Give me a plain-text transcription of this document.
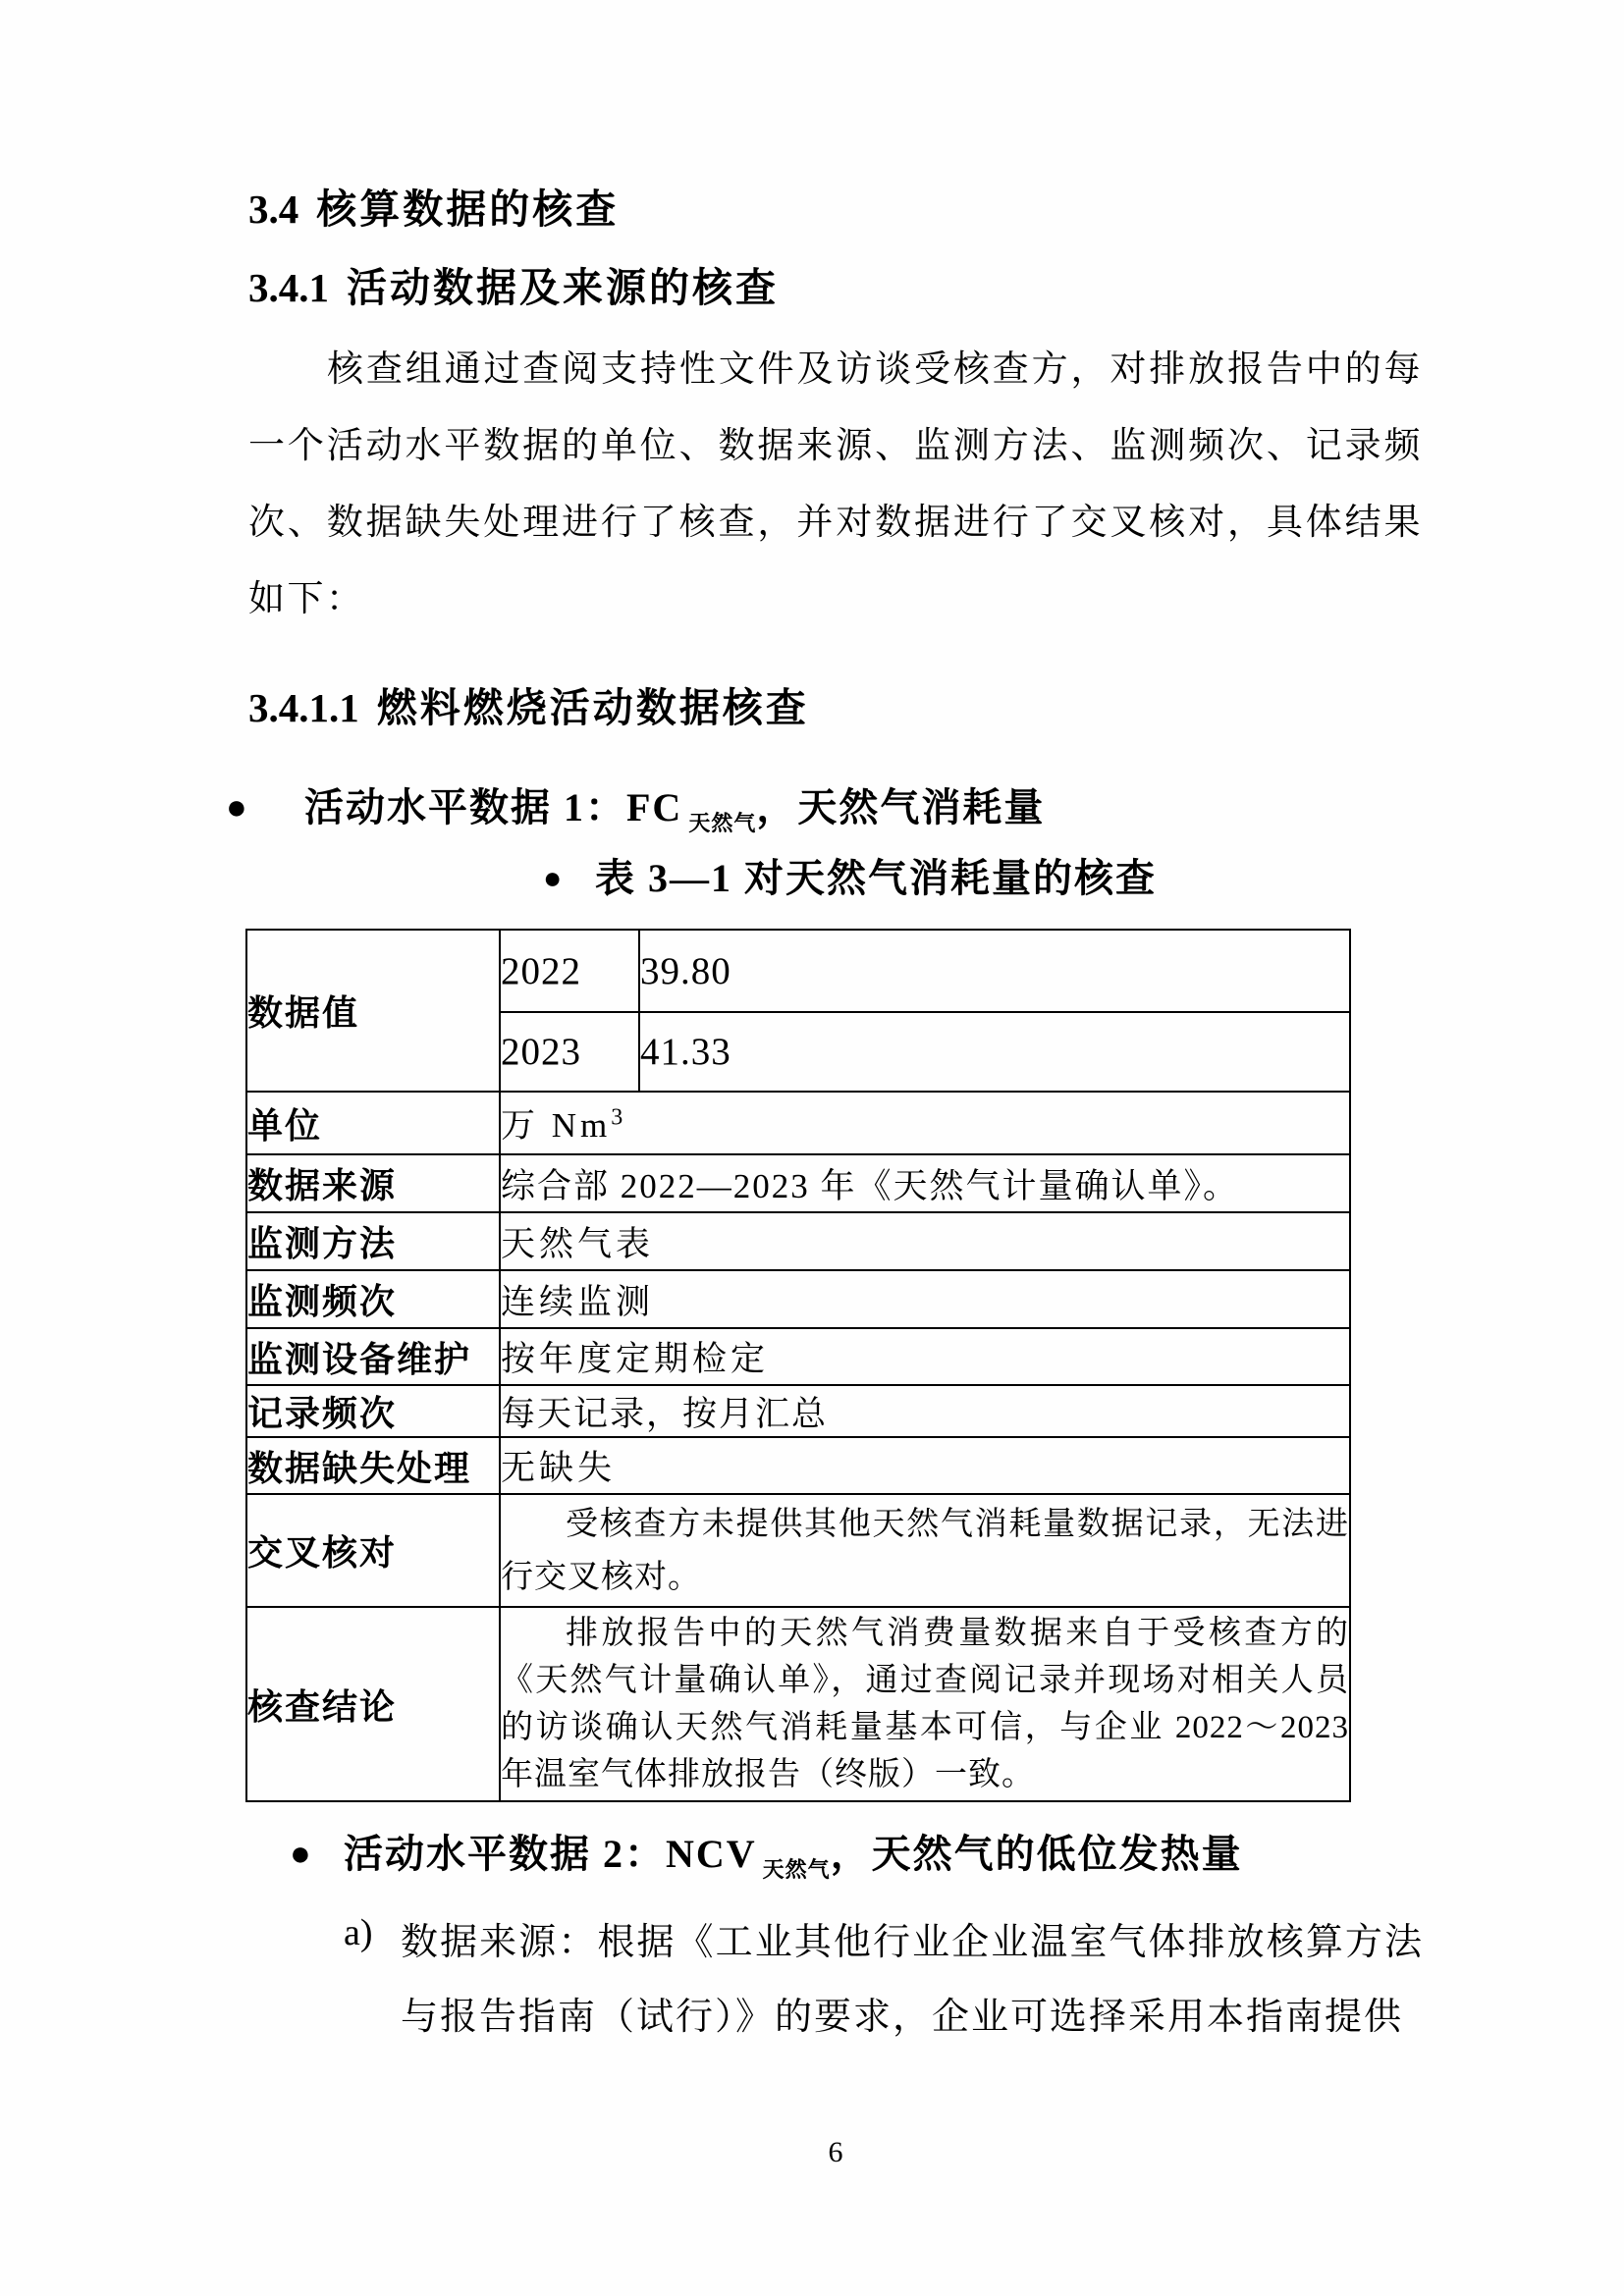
3.4 核算数据的核查
3.4.1 活动数据及来源的核查
核查组通过查阅支持性文件及访谈受核查方，对排放报告中的每一个活动水平数据的单位、数据来源、监测方法、监测频次、记录频次、数据缺失处理进行了核查，并对数据进行了交叉核对，具体结果如下：
3.4.1.1 燃料燃烧活动数据核查
● 活动水平数据 1：FC $_{天然气}$，天然气消耗量
● 表 3—1 对天然气消耗量的核查
数据值	2022	39.80
	2023	41.33
单位	万 Nm$^3$
数据来源	综合部 2022—2023 年《天然气计量确认单》。	
监测方法	天然气表	
监测频次	连续监测	
监测设备维护	按年度定期检定	
记录频次	每天记录，按月汇总	
数据缺失处理	无缺失	
交叉核对	受核查方未提供其他天然气消耗量数据记录，无法进行交叉核对。	
核查结论	排放报告中的天然气消费量数据来自于受核查方的《天然气计量确认单》，通过查阅记录并现场对相关人员的访谈确认天然气消耗量基本可信，与企业 2022～2023 年温室气体排放报告（终版）一致。	
● 活动水平数据 2：NCV $_{天然气}$，天然气的低位发热量
a) 数据来源：根据《工业其他行业企业温室气体排放核算方法与报告指南（试行）》的要求，企业可选择采用本指南提供
6
